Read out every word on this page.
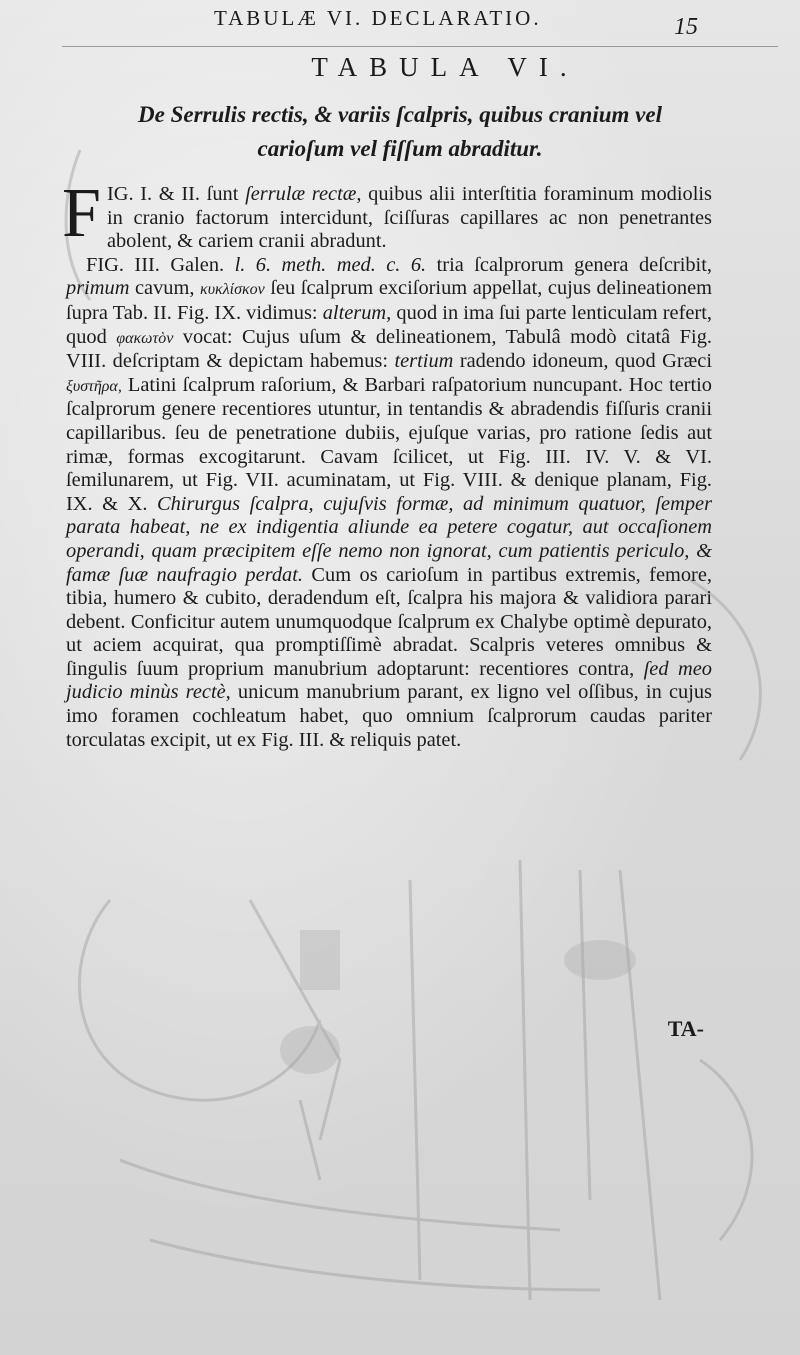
TABULÆ VI. DECLARATIO.	15
TABULA VI.
De Serrulis rectis, & variis ſcalpris, quibus cranium vel carioſum vel fiſſum abraditur.

FIG. I. & II. ſunt ſerrulæ rectæ, quibus alii interſtitia foraminum modiolis in cranio factorum intercidunt, ſciſſuras capillares ac non penetrantes abolent, & cariem cranii abradunt.

FIG. III. Galen. l. 6. meth. med. c. 6. tria ſcalprorum genera deſcribit, primum cavum, κυκλίσκον ſeu ſcalprum exciſorium appellat, cujus delineationem ſupra Tab. II. Fig. IX. vidimus: alterum, quod in ima ſui parte lenticulam refert, quod φακωτὸν vocat: Cujus uſum & delineationem, Tabulâ modò citatâ Fig. VIII. deſcriptam & depictam habemus: tertium radendo idoneum, quod Græci ξυστῆρα, Latini ſcalprum raſorium, & Barbari raſpatorium nuncupant. Hoc tertio ſcalprorum genere recentiores utuntur, in tentandis & abradendis fiſſuris cranii capillaribus. ſeu de penetratione dubiis, ejuſque varias, pro ratione ſedis aut rimæ, formas excogitarunt. Cavam ſcilicet, ut Fig. III. IV. V. & VI. ſemilunarem, ut Fig. VII. acuminatam, ut Fig. VIII. & denique planam, Fig. IX. & X. Chirurgus ſcalpra, cujuſvis formæ, ad minimum quatuor, ſemper parata habeat, ne ex indigentia aliunde ea petere cogatur, aut occaſionem operandi, quam præcipitem eſſe nemo non ignorat, cum patientis periculo, & famæ ſuæ naufragio perdat. Cum os carioſum in partibus extremis, femore, tibia, humero & cubito, deradendum eſt, ſcalpra his majora & validiora parari debent. Conficitur autem unumquodque ſcalprum ex Chalybe optimè depurato, ut aciem acquirat, qua promptiſſimè abradat. Scalpris veteres omnibus & ſingulis ſuum proprium manubrium adoptarunt: recentiores contra, ſed meo judicio minùs rectè, unicum manubrium parant, ex ligno vel oſſibus, in cujus imo foramen cochleatum habet, quo omnium ſcalprorum caudas pariter torculatas excipit, ut ex Fig. III. & reliquis patet.

TA-
